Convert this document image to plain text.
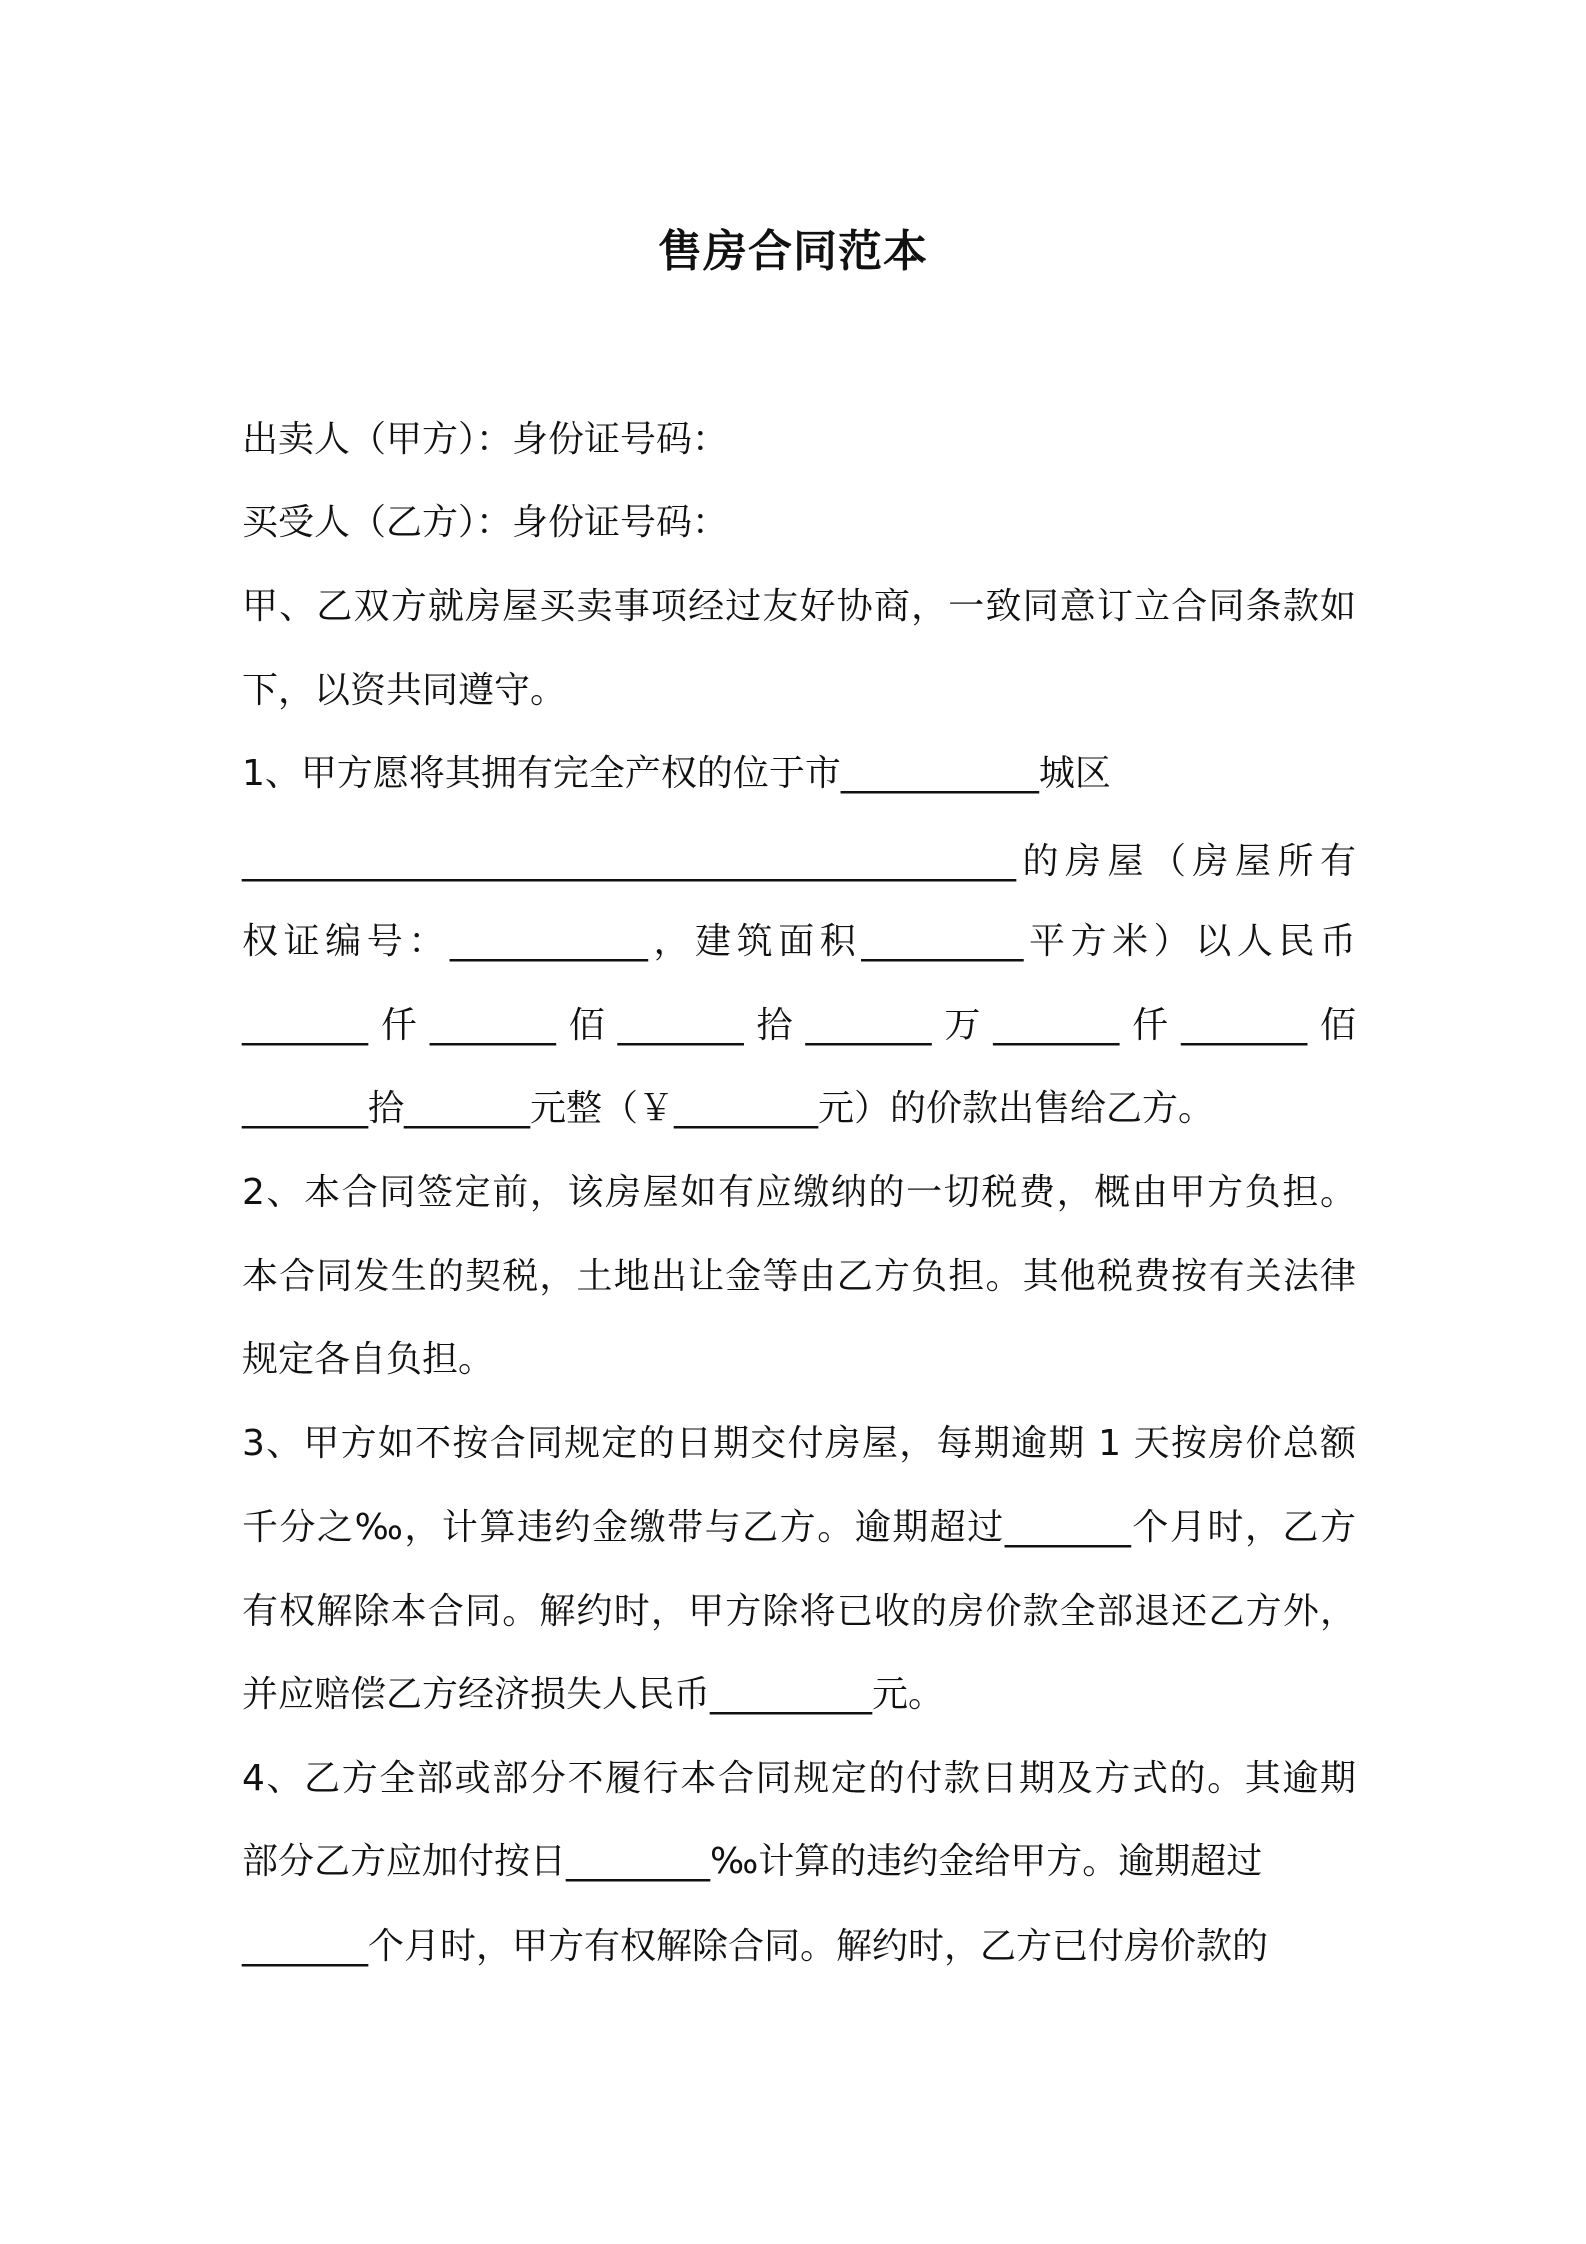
售房合同范本
出卖人（甲方）：身份证号码：
买受人（乙方）：身份证号码：
甲、乙双方就房屋买卖事项经过友好协商，一致同意订立合同条款如
下，以资共同遵守。
1、甲方愿将其拥有完全产权的位于市___________城区
___________________________________________的房屋（房屋所有
权证编号：___________，建筑面积_________平方米）以人民币
_______仟_______佰_______拾_______万_______仟_______佰
_______拾_______元整（￥________元）的价款出售给乙方。
2、本合同签定前，该房屋如有应缴纳的一切税费，概由甲方负担。
本合同发生的契税，土地出让金等由乙方负担。其他税费按有关法律
规定各自负担。
3、甲方如不按合同规定的日期交付房屋，每期逾期 1 天按房价总额
千分之‰，计算违约金缴带与乙方。逾期超过_______个月时，乙方
有权解除本合同。解约时，甲方除将已收的房价款全部退还乙方外，
并应赔偿乙方经济损失人民币_________元。
4、乙方全部或部分不履行本合同规定的付款日期及方式的。其逾期
部分乙方应加付按日________‰计算的违约金给甲方。逾期超过
_______个月时，甲方有权解除合同。解约时，乙方已付房价款的
